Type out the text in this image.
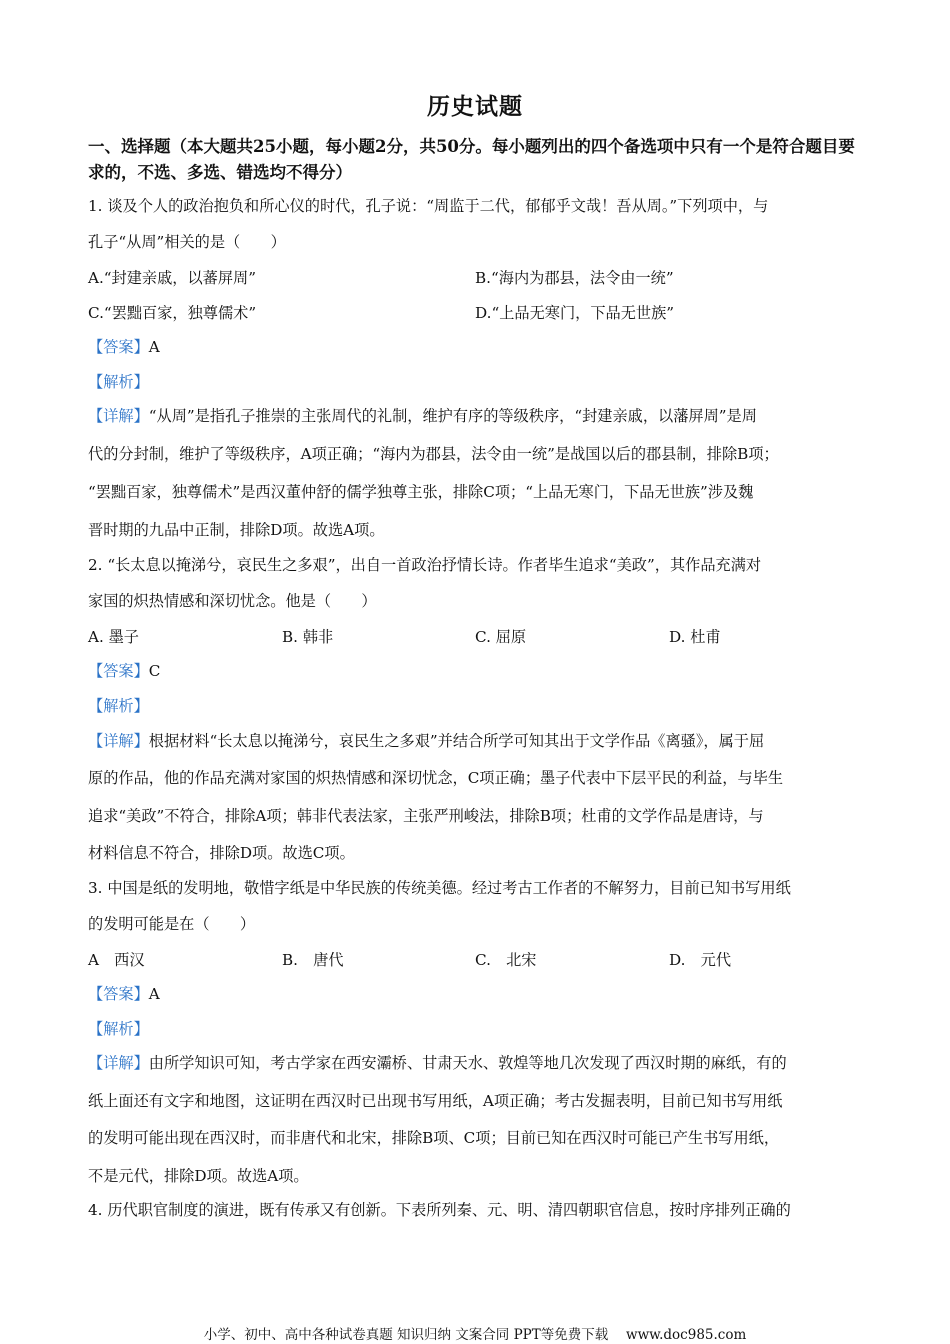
历史试题
一、选择题（本大题共25小题，每小题2分，共50分。每小题列出的四个备选项中只有一个是符合题目要求的，不选、多选、错选均不得分）
1. 谈及个人的政治抱负和所心仪的时代，孔子说：“周监于二代，郁郁乎文哉！吾从周。”下列项中，与
孔子“从周”相关的是（　　）
A.“封建亲戚，以蕃屏周”	B.“海内为郡县，法令由一统”
C.“罢黜百家，独尊儒术”	D.“上品无寒门，下品无世族”
【答案】A
【解析】
【详解】“从周”是指孔子推崇的主张周代的礼制，维护有序的等级秩序，“封建亲戚，以藩屏周”是周
代的分封制，维护了等级秩序，A项正确；“海内为郡县，法令由一统”是战国以后的郡县制，排除B项；
“罢黜百家，独尊儒术”是西汉董仲舒的儒学独尊主张，排除C项；“上品无寒门，下品无世族”涉及魏
晋时期的九品中正制，排除D项。故选A项。
2. “长太息以掩涕兮，哀民生之多艰”，出自一首政治抒情长诗。作者毕生追求“美政”，其作品充满对
家国的炽热情感和深切忧念。他是（　　）
A. 墨子	B. 韩非	C. 屈原	D. 杜甫
【答案】C
【解析】
【详解】根据材料“长太息以掩涕兮，哀民生之多艰”并结合所学可知其出于文学作品《离骚》，属于屈
原的作品，他的作品充满对家国的炽热情感和深切忧念，C项正确；墨子代表中下层平民的利益，与毕生
追求“美政”不符合，排除A项；韩非代表法家，主张严刑峻法，排除B项；杜甫的文学作品是唐诗，与
材料信息不符合，排除D项。故选C项。
3. 中国是纸的发明地，敬惜字纸是中华民族的传统美德。经过考古工作者的不解努力，目前已知书写用纸
的发明可能是在（　　）
A　西汉	B.　唐代	C.　北宋	D.　元代
【答案】A
【解析】
【详解】由所学知识可知，考古学家在西安灞桥、甘肃天水、敦煌等地几次发现了西汉时期的麻纸，有的
纸上面还有文字和地图，这证明在西汉时已出现书写用纸，A项正确；考古发掘表明，目前已知书写用纸
的发明可能出现在西汉时，而非唐代和北宋，排除B项、C项；目前已知在西汉时可能已产生书写用纸，
不是元代，排除D项。故选A项。
4. 历代职官制度的演进，既有传承又有创新。下表所列秦、元、明、清四朝职官信息，按时序排列正确的
小学、初中、高中各种试卷真题 知识归纳 文案合同 PPT等免费下载　 www.doc985.com
